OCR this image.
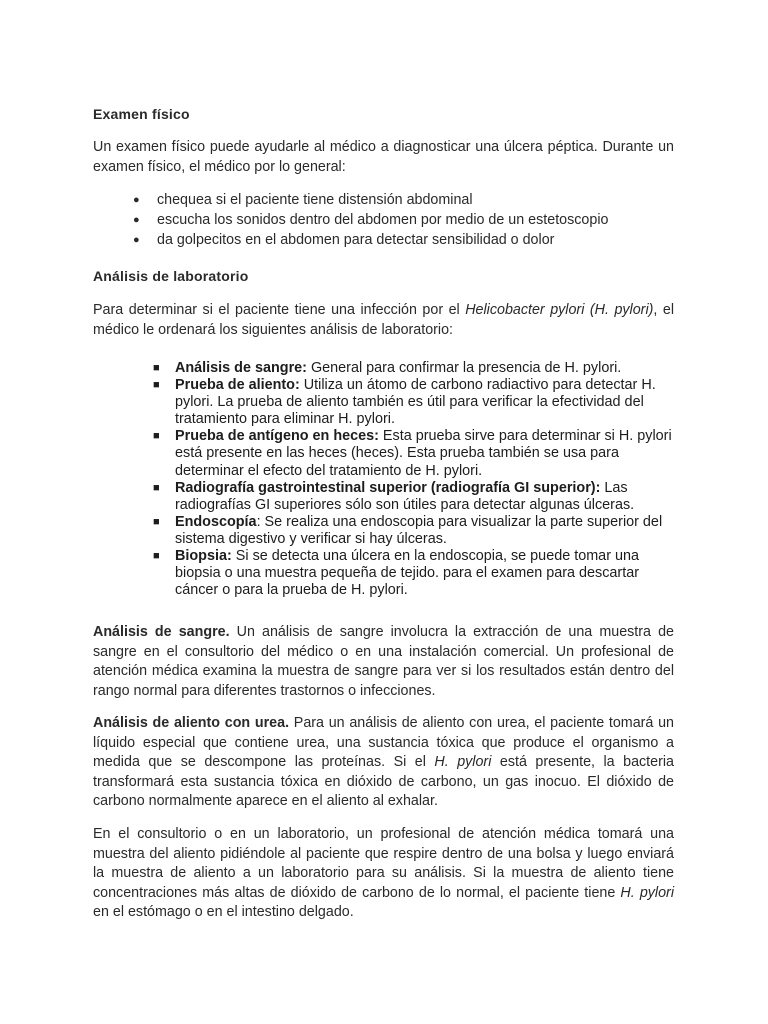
Examen físico

Un examen físico puede ayudarle al médico a diagnosticar una úlcera péptica. Durante un examen físico, el médico por lo general:

● chequea si el paciente tiene distensión abdominal
● escucha los sonidos dentro del abdomen por medio de un estetoscopio
● da golpecitos en el abdomen para detectar sensibilidad o dolor
Análisis de laboratorio

Para determinar si el paciente tiene una infección por el Helicobacter pylori (H. pylori), el médico le ordenará los siguientes análisis de laboratorio:

■ Análisis de sangre: General para confirmar la presencia de H. pylori.
■ Prueba de aliento: Utiliza un átomo de carbono radiactivo para detectar H. pylori. La prueba de aliento también es útil para verificar la efectividad del tratamiento para eliminar H. pylori.
■ Prueba de antígeno en heces: Esta prueba sirve para determinar si H. pylori está presente en las heces (heces). Esta prueba también se usa para determinar el efecto del tratamiento de H. pylori.
■ Radiografía gastrointestinal superior (radiografía GI superior): Las radiografías GI superiores sólo son útiles para detectar algunas úlceras.
■ Endoscopía: Se realiza una endoscopia para visualizar la parte superior del sistema digestivo y verificar si hay úlceras.
■ Biopsia: Si se detecta una úlcera en la endoscopia, se puede tomar una biopsia o una muestra pequeña de tejido. para el examen para descartar cáncer o para la prueba de H. pylori.

Análisis de sangre. Un análisis de sangre involucra la extracción de una muestra de sangre en el consultorio del médico o en una instalación comercial. Un profesional de atención médica examina la muestra de sangre para ver si los resultados están dentro del rango normal para diferentes trastornos o infecciones.

Análisis de aliento con urea. Para un análisis de aliento con urea, el paciente tomará un líquido especial que contiene urea, una sustancia tóxica que produce el organismo a medida que se descompone las proteínas. Si el H. pylori está presente, la bacteria transformará esta sustancia tóxica en dióxido de carbono, un gas inocuo. El dióxido de carbono normalmente aparece en el aliento al exhalar.

En el consultorio o en un laboratorio, un profesional de atención médica tomará una muestra del aliento pidiéndole al paciente que respire dentro de una bolsa y luego enviará la muestra de aliento a un laboratorio para su análisis. Si la muestra de aliento tiene concentraciones más altas de dióxido de carbono de lo normal, el paciente tiene H. pylori en el estómago o en el intestino delgado.
